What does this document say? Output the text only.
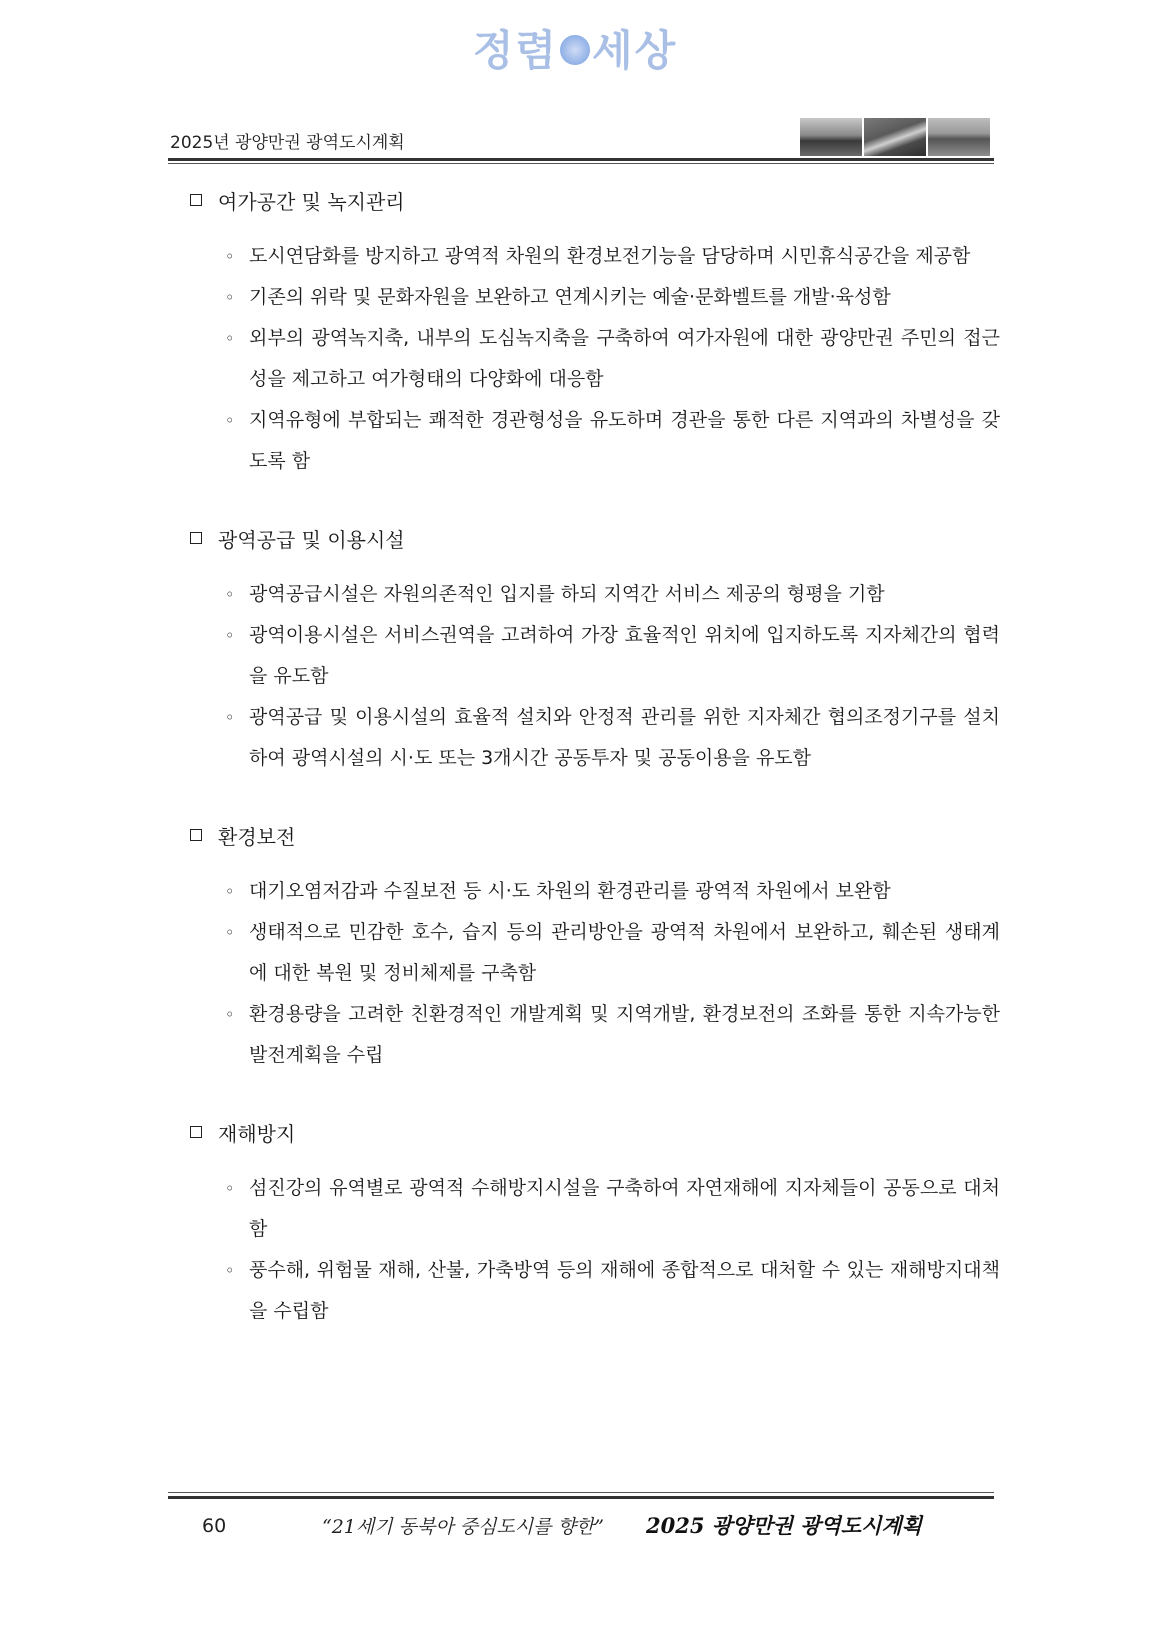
정렴 세상
2025년 광양만권 광역도시계획
여가공간 및 녹지관리
◦ 도시연담화를 방지하고 광역적 차원의 환경보전기능을 담당하며 시민휴식공간을 제공함
◦ 기존의 위락 및 문화자원을 보완하고 연계시키는 예술·문화벨트를 개발·육성함
◦ 외부의 광역녹지축, 내부의 도심녹지축을 구축하여 여가자원에 대한 광양만권 주민의 접근성을 제고하고 여가형태의 다양화에 대응함
◦ 지역유형에 부합되는 쾌적한 경관형성을 유도하며 경관을 통한 다른 지역과의 차별성을 갖도록 함
광역공급 및 이용시설
◦ 광역공급시설은 자원의존적인 입지를 하되 지역간 서비스 제공의 형평을 기함
◦ 광역이용시설은 서비스권역을 고려하여 가장 효율적인 위치에 입지하도록 지자체간의 협력을 유도함
◦ 광역공급 및 이용시설의 효율적 설치와 안정적 관리를 위한 지자체간 협의조정기구를 설치하여 광역시설의 시·도 또는 3개시간 공동투자 및 공동이용을 유도함
환경보전
◦ 대기오염저감과 수질보전 등 시·도 차원의 환경관리를 광역적 차원에서 보완함
◦ 생태적으로 민감한 호수, 습지 등의 관리방안을 광역적 차원에서 보완하고, 훼손된 생태계에 대한 복원 및 정비체제를 구축함
◦ 환경용량을 고려한 친환경적인 개발계획 및 지역개발, 환경보전의 조화를 통한 지속가능한 발전계획을 수립
재해방지
◦ 섬진강의 유역별로 광역적 수해방지시설을 구축하여 자연재해에 지자체들이 공동으로 대처함
◦ 풍수해, 위험물 재해, 산불, 가축방역 등의 재해에 종합적으로 대처할 수 있는 재해방지대책을 수립함
60	“21세기 동북아 중심도시를 향한” 2025 광양만권 광역도시계획
